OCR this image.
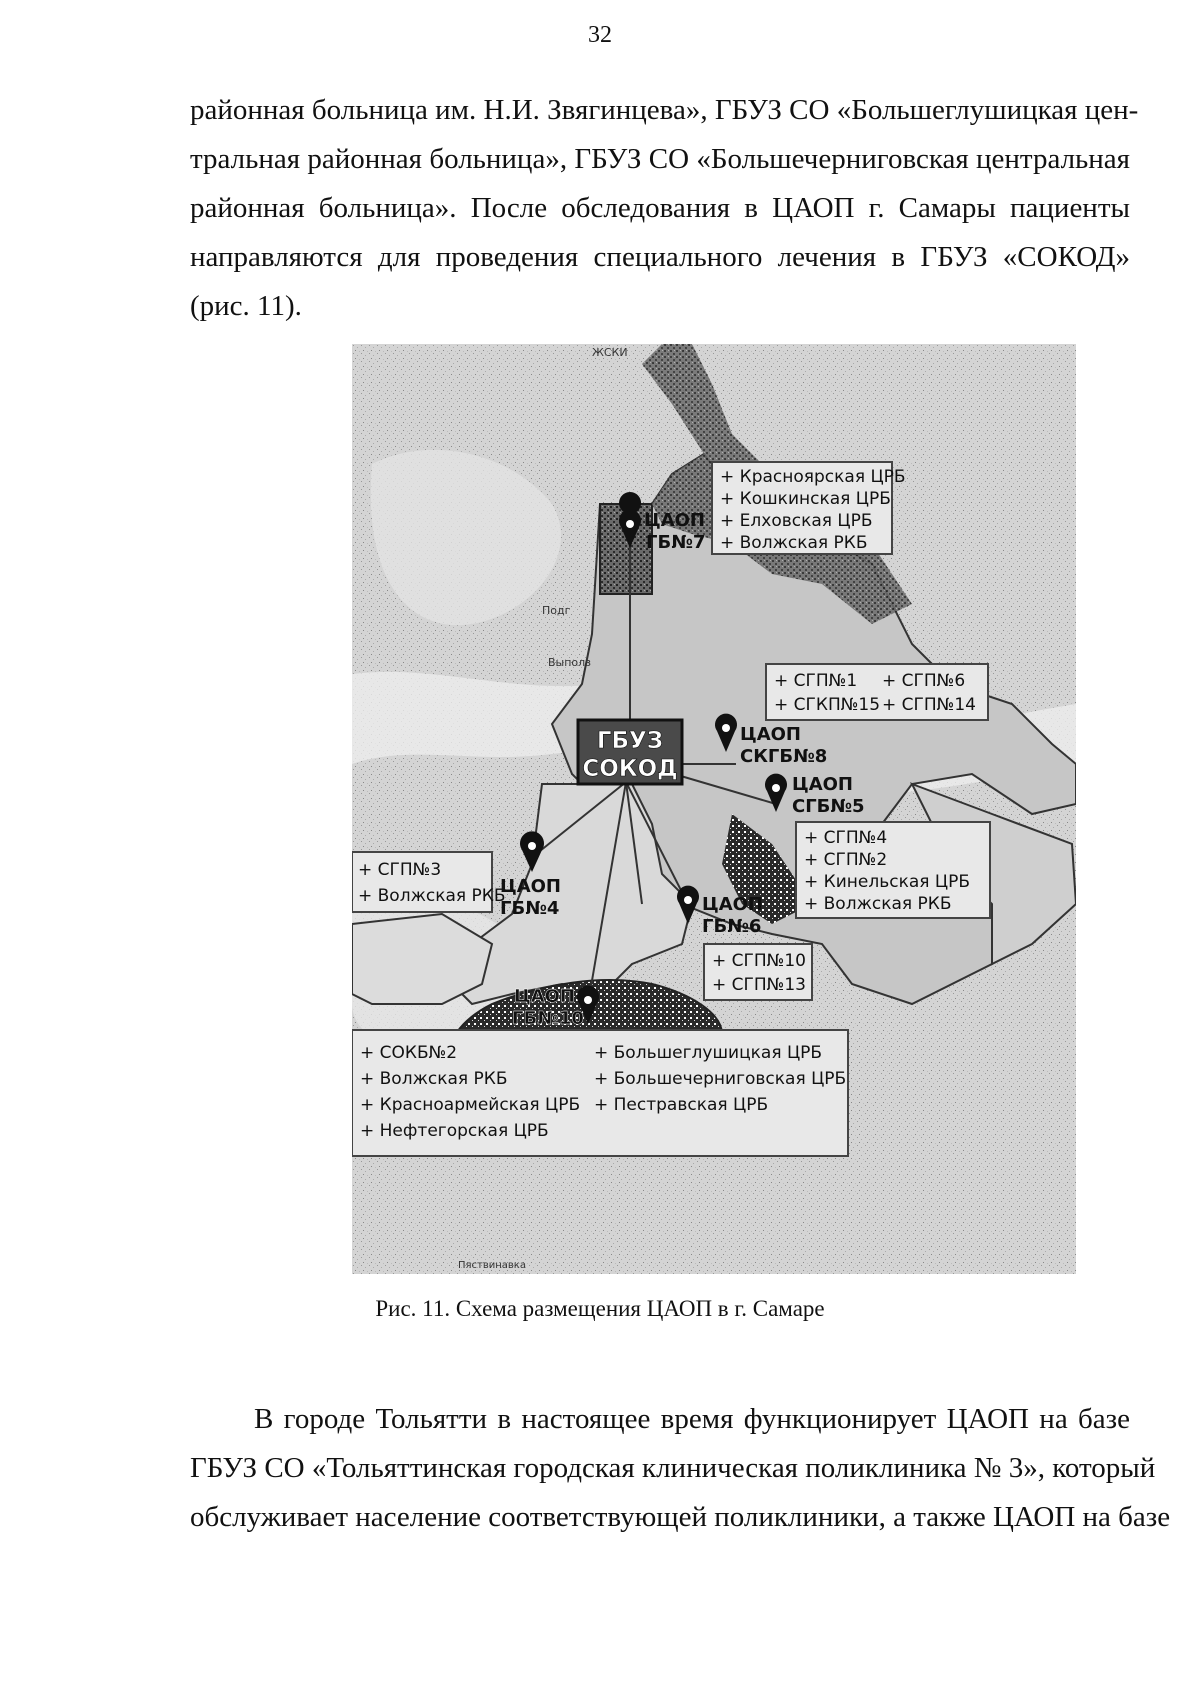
32

районная больница им. Н.И. Звягинцева», ГБУЗ СО «Большеглушицкая цен-
тральная районная больница», ГБУЗ СО «Большечерниговская центральная
районная больница». После обследования в ЦАОП г. Самары пациенты
направляются для проведения специального лечения в ГБУЗ «СОКОД»
(рис. 11).

+ Красноярская ЦРБ
+ Кошкинская ЦРБ
+ Елховская ЦРБ
+ Волжская РКБ
+ СГП№1 + СГП№6
+ СГКП№15 + СГП№14
+ СГП№4
+ СГП№2
+ Кинельская ЦРБ
+ Волжская РКБ
+ СГП№3
+ Волжская РКБ
+ СГП№10
+ СГП№13
+ СОКБ№2
+ Волжская РКБ
+ Красноармейская ЦРБ
+ Нефтегорская ЦРБ
+ Большеглушицкая ЦРБ
+ Большечерниговская ЦРБ
+ Пестравская ЦРБ
ГБУЗ
СОКОД
ЦАОП
ГБ№7
ЦАОП
СКГБ№8
ЦАОП
СГБ№5
ЦАОП
ГБ№4	ЦАОП
ГБ№6
ЦАОП
ГБ№10
Выполз
Подг
ЖСКИ
Пяствинавка
Рис. 11. Схема размещения ЦАОП в г. Самаре

В городе Тольятти в настоящее время функционирует ЦАОП на базе
ГБУЗ СО «Тольяттинская городская клиническая поликлиника № 3», который
обслуживает население соответствующей поликлиники, а также ЦАОП на базе
